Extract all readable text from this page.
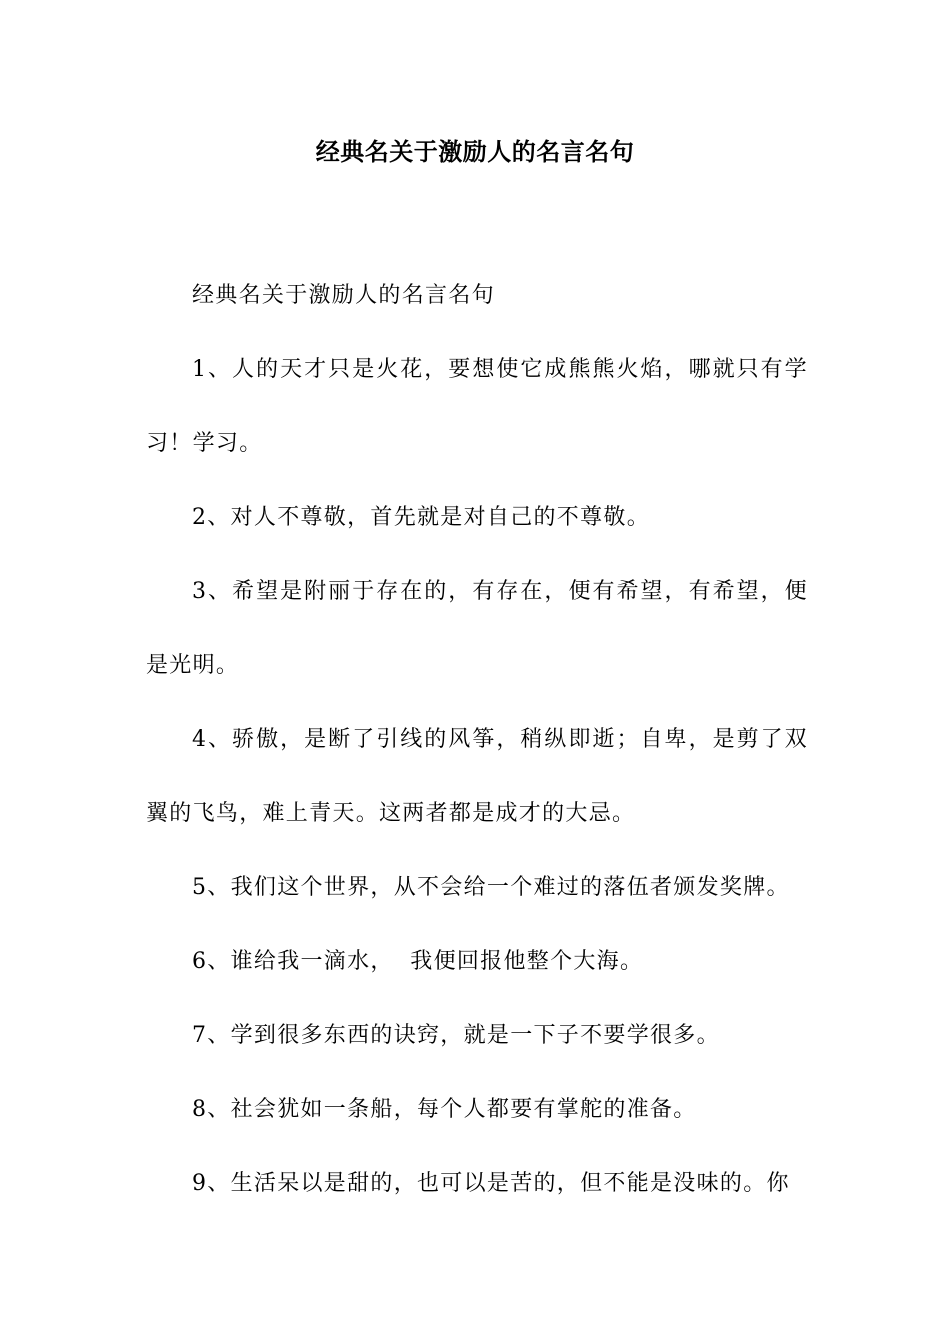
经典名关于激励人的名言名句

经典名关于激励人的名言名句

1、人的天才只是火花，要想使它成熊熊火焰，哪就只有学习！学习。

2、对人不尊敬，首先就是对自己的不尊敬。

3、希望是附丽于存在的，有存在，便有希望，有希望，便是光明。

4、骄傲，是断了引线的风筝，稍纵即逝；自卑，是剪了双翼的飞鸟，难上青天。这两者都是成才的大忌。

5、我们这个世界，从不会给一个难过的落伍者颁发奖牌。

6、谁给我一滴水，  我便回报他整个大海。

7、学到很多东西的诀窍，就是一下子不要学很多。

8、社会犹如一条船，每个人都要有掌舵的准备。

9、生活呆以是甜的，也可以是苦的，但不能是没味的。你
